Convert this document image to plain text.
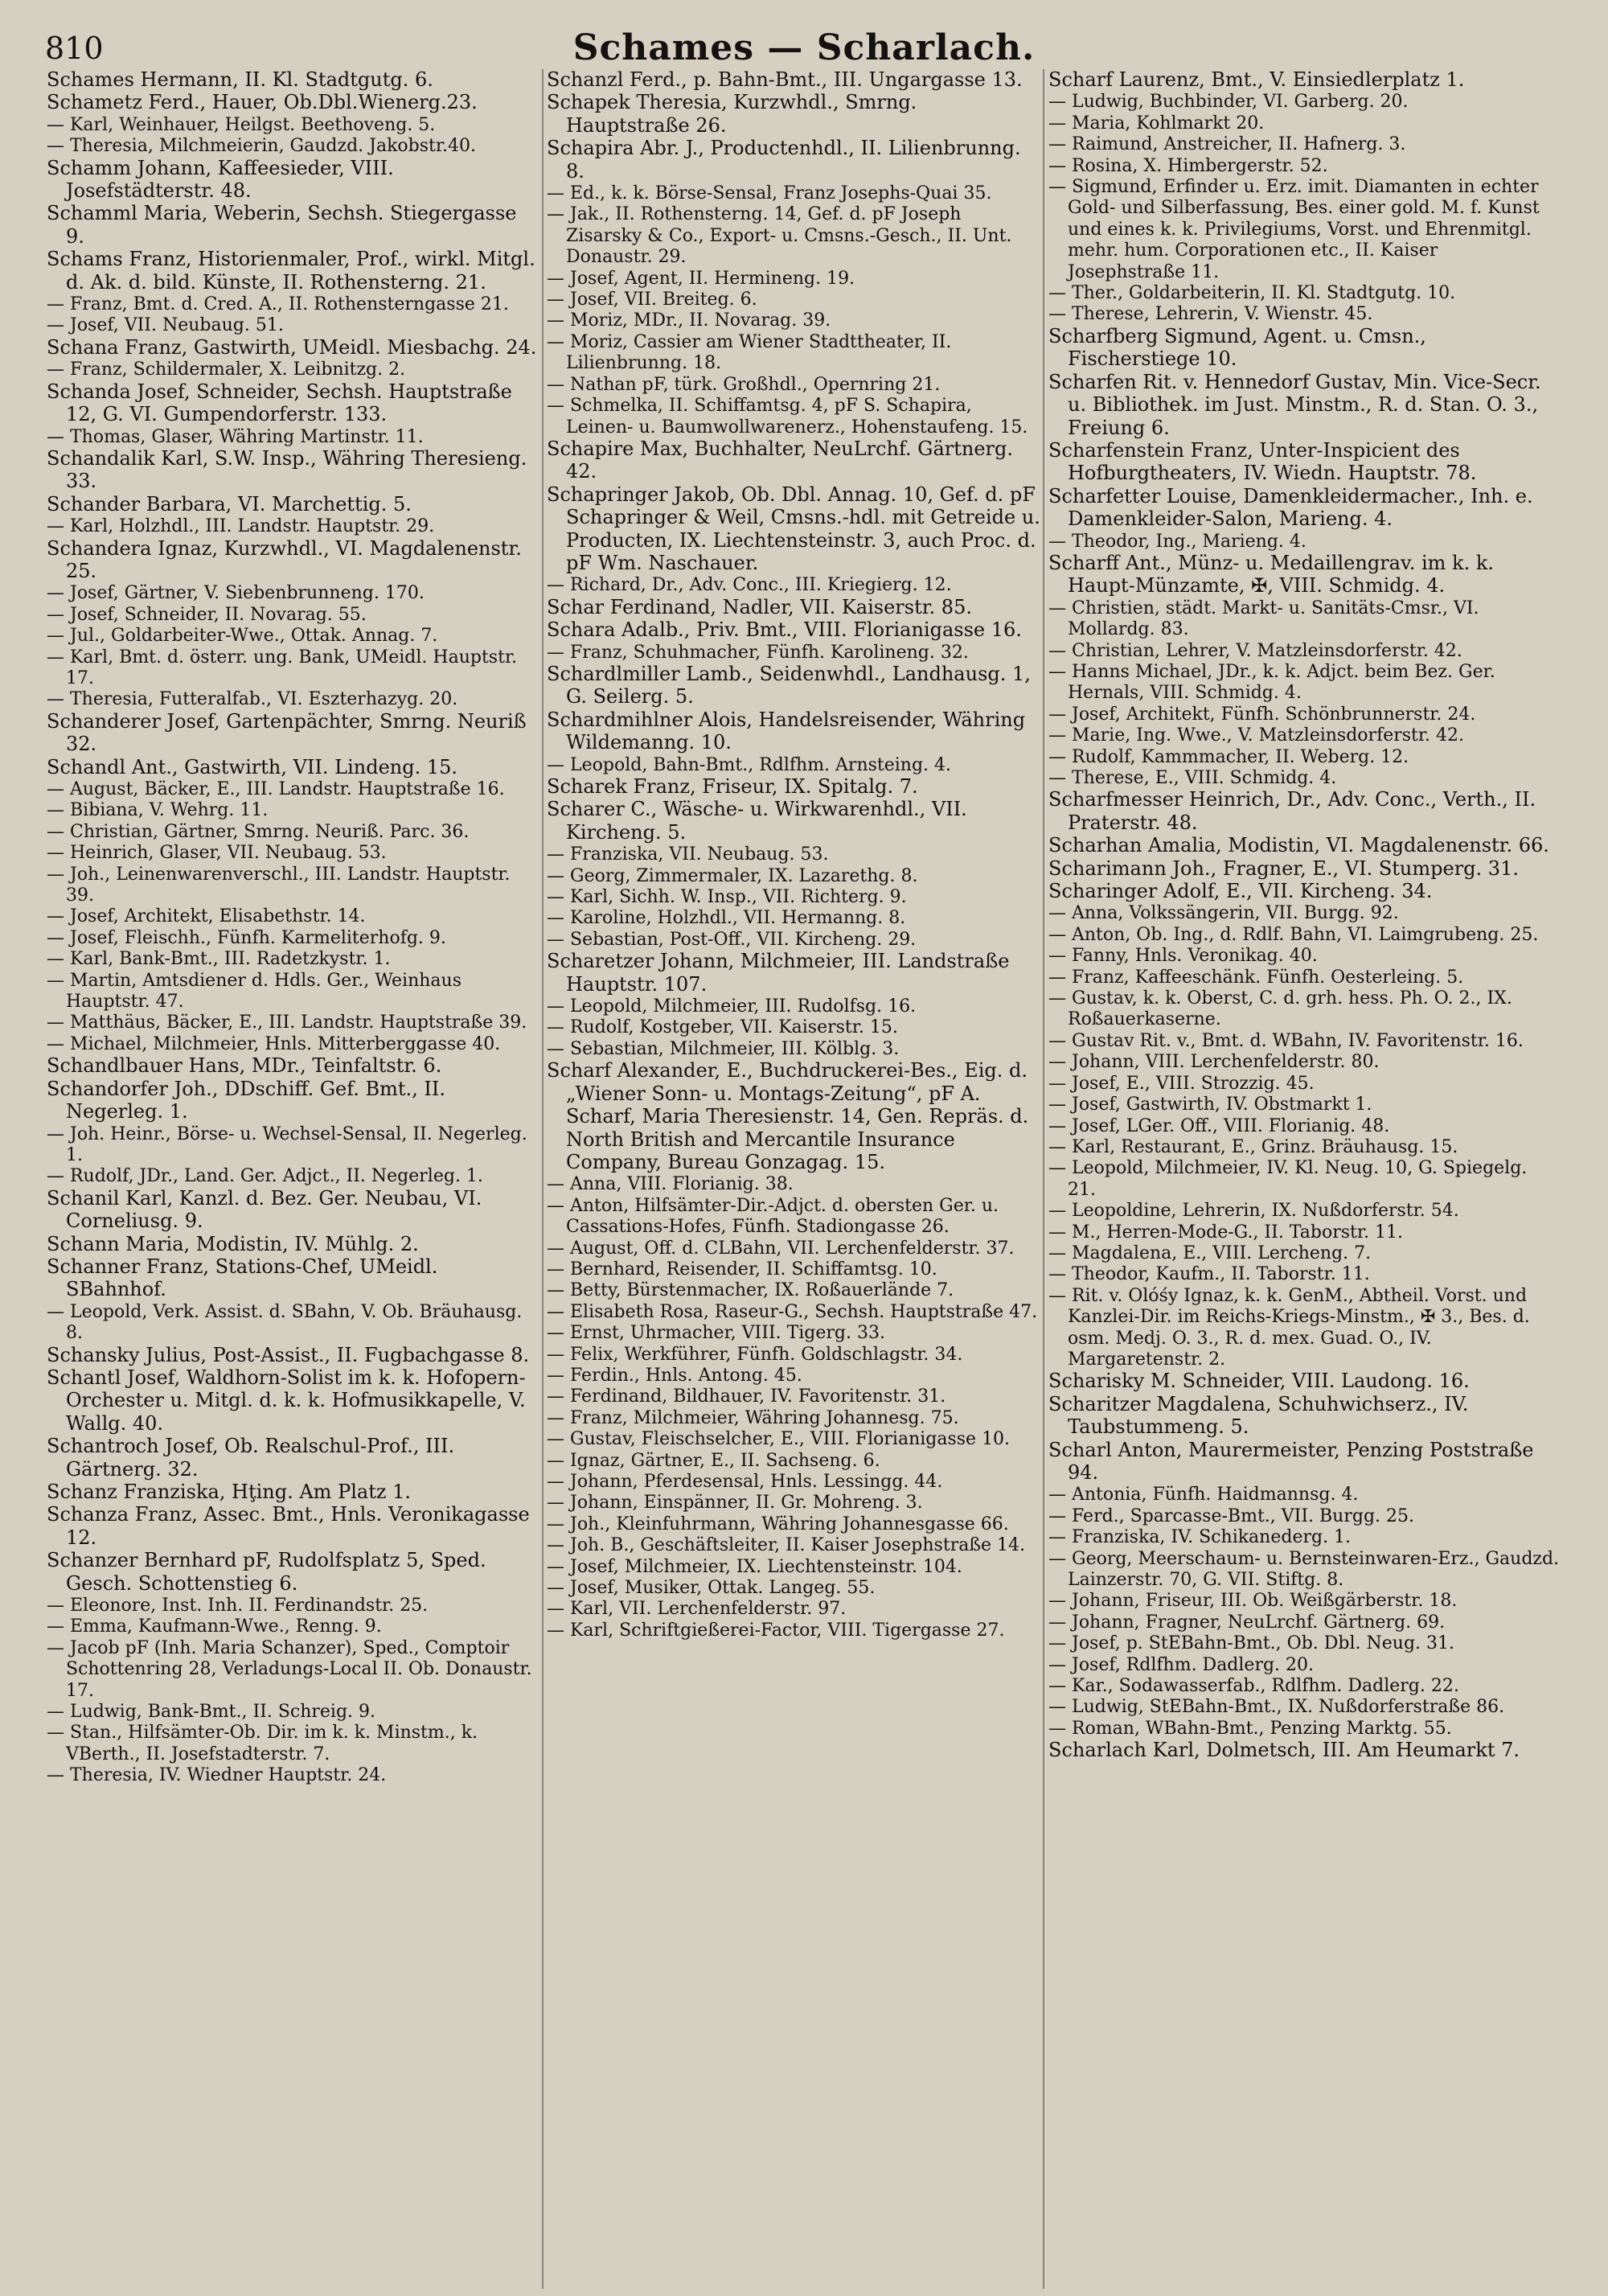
810	Schames — Scharlach.

Schames Hermann, II. Kl. Stadtgutg. 6.

Schametz Ferd., Hauer, Ob.Dbl.Wienerg.23.

— Karl, Weinhauer, Heilgst. Beethoveng. 5.

— Theresia, Milchmeierin, Gaudzd. Jakobstr.40.

Schamm Johann, Kaffeesieder, VIII. Josefstädterstr. 48.

Schamml Maria, Weberin, Sechsh. Stiegergasse 9.

Schams Franz, Historienmaler, Prof., wirkl. Mitgl. d. Ak. d. bild. Künste, II. Rothensterng. 21.

— Franz, Bmt. d. Cred. A., II. Rothensterngasse 21.

— Josef, VII. Neubaug. 51.

Schana Franz, Gastwirth, UMeidl. Miesbachg. 24.

— Franz, Schildermaler, X. Leibnitzg. 2.

Schanda Josef, Schneider, Sechsh. Hauptstraße 12, G. VI. Gumpendorferstr. 133.

— Thomas, Glaser, Währing Martinstr. 11.

Schandalik Karl, S.W. Insp., Währing Theresieng. 33.

Schander Barbara, VI. Marchettig. 5.

— Karl, Holzhdl., III. Landstr. Hauptstr. 29.

Schandera Ignaz, Kurzwhdl., VI. Magdalenenstr. 25.

— Josef, Gärtner, V. Siebenbrunneng. 170.

— Josef, Schneider, II. Novarag. 55.

— Jul., Goldarbeiter-Wwe., Ottak. Annag. 7.

— Karl, Bmt. d. österr. ung. Bank, UMeidl. Hauptstr. 17.

— Theresia, Futteralfab., VI. Eszterhazyg. 20.

Schanderer Josef, Gartenpächter, Smrng. Neuriß 32.

Schandl Ant., Gastwirth, VII. Lindeng. 15.

— August, Bäcker, E., III. Landstr. Hauptstraße 16.

— Bibiana, V. Wehrg. 11.

— Christian, Gärtner, Smrng. Neuriß. Parc. 36.

— Heinrich, Glaser, VII. Neubaug. 53.

— Joh., Leinenwarenverschl., III. Landstr. Hauptstr. 39.

— Josef, Architekt, Elisabethstr. 14.

— Josef, Fleischh., Fünfh. Karmeliterhofg. 9.

— Karl, Bank-Bmt., III. Radetzkystr. 1.

— Martin, Amtsdiener d. Hdls. Ger., Weinhaus Hauptstr. 47.

— Matthäus, Bäcker, E., III. Landstr. Hauptstraße 39.

— Michael, Milchmeier, Hnls. Mitterberggasse 40.

Schandlbauer Hans, MDr., Teinfaltstr. 6.

Schandorfer Joh., DDschiff. Gef. Bmt., II. Negerleg. 1.

— Joh. Heinr., Börse- u. Wechsel-Sensal, II. Negerleg. 1.

— Rudolf, JDr., Land. Ger. Adjct., II. Negerleg. 1.

Schanil Karl, Kanzl. d. Bez. Ger. Neubau, VI. Corneliusg. 9.

Schann Maria, Modistin, IV. Mühlg. 2.

Schanner Franz, Stations-Chef, UMeidl. SBahnhof.

— Leopold, Verk. Assist. d. SBahn, V. Ob. Bräuhausg. 8.

Schansky Julius, Post-Assist., II. Fugbachgasse 8.

Schantl Josef, Waldhorn-Solist im k. k. Hofopern-Orchester u. Mitgl. d. k. k. Hofmusikkapelle, V. Wallg. 40.

Schantroch Josef, Ob. Realschul-Prof., III. Gärtnerg. 32.

Schanz Franziska, Hţing. Am Platz 1.

Schanza Franz, Assec. Bmt., Hnls. Veronikagasse 12.

Schanzer Bernhard pF, Rudolfsplatz 5, Sped. Gesch. Schottenstieg 6.

— Eleonore, Inst. Inh. II. Ferdinandstr. 25.

— Emma, Kaufmann-Wwe., Renng. 9.

— Jacob pF (Inh. Maria Schanzer), Sped., Comptoir Schottenring 28, Verladungs-Local II. Ob. Donaustr. 17.

— Ludwig, Bank-Bmt., II. Schreig. 9.

— Stan., Hilfsämter-Ob. Dir. im k. k. Minstm., k. VBerth., II. Josefstadterstr. 7.

— Theresia, IV. Wiedner Hauptstr. 24.

Schanzl Ferd., p. Bahn-Bmt., III. Ungargasse 13.

Schapek Theresia, Kurzwhdl., Smrng. Hauptstraße 26.

Schapira Abr. J., Productenhdl., II. Lilienbrunng. 8.

— Ed., k. k. Börse-Sensal, Franz Josephs-Quai 35.

— Jak., II. Rothensterng. 14, Gef. d. pF Joseph Zisarsky & Co., Export- u. Cmsns.-Gesch., II. Unt. Donaustr. 29.

— Josef, Agent, II. Hermineng. 19.

— Josef, VII. Breiteg. 6.

— Moriz, MDr., II. Novarag. 39.

— Moriz, Cassier am Wiener Stadttheater, II. Lilienbrunng. 18.

— Nathan pF, türk. Großhdl., Opernring 21.

— Schmelka, II. Schiffamtsg. 4, pF S. Schapira, Leinen- u. Baumwollwarenerz., Hohenstaufeng. 15.

Schapire Max, Buchhalter, NeuLrchf. Gärtnerg. 42.

Schapringer Jakob, Ob. Dbl. Annag. 10, Gef. d. pF Schapringer & Weil, Cmsns.-hdl. mit Getreide u. Producten, IX. Liechtensteinstr. 3, auch Proc. d. pF Wm. Naschauer.

— Richard, Dr., Adv. Conc., III. Kriegierg. 12.

Schar Ferdinand, Nadler, VII. Kaiserstr. 85.

Schara Adalb., Priv. Bmt., VIII. Florianigasse 16.

— Franz, Schuhmacher, Fünfh. Karolineng. 32.

Schardlmiller Lamb., Seidenwhdl., Landhausg. 1, G. Seilerg. 5.

Schardmihlner Alois, Handelsreisender, Währing Wildemanng. 10.

— Leopold, Bahn-Bmt., Rdlfhm. Arnsteing. 4.

Scharek Franz, Friseur, IX. Spitalg. 7.

Scharer C., Wäsche- u. Wirkwarenhdl., VII. Kircheng. 5.

— Franziska, VII. Neubaug. 53.

— Georg, Zimmermaler, IX. Lazarethg. 8.

— Karl, Sichh. W. Insp., VII. Richterg. 9.

— Karoline, Holzhdl., VII. Hermanng. 8.

— Sebastian, Post-Off., VII. Kircheng. 29.

Scharetzer Johann, Milchmeier, III. Landstraße Hauptstr. 107.

— Leopold, Milchmeier, III. Rudolfsg. 16.

— Rudolf, Kostgeber, VII. Kaiserstr. 15.

— Sebastian, Milchmeier, III. Kölblg. 3.

Scharf Alexander, E., Buchdruckerei-Bes., Eig. d. „Wiener Sonn- u. Montags-Zeitung“, pF A. Scharf, Maria Theresienstr. 14, Gen. Repräs. d. North British and Mercantile Insurance Company, Bureau Gonzagag. 15.

— Anna, VIII. Florianig. 38.

— Anton, Hilfsämter-Dir.-Adjct. d. obersten Ger. u. Cassations-Hofes, Fünfh. Stadiongasse 26.

— August, Off. d. CLBahn, VII. Lerchenfelderstr. 37.

— Bernhard, Reisender, II. Schiffamtsg. 10.

— Betty, Bürstenmacher, IX. Roßauerlände 7.

— Elisabeth Rosa, Raseur-G., Sechsh. Hauptstraße 47.

— Ernst, Uhrmacher, VIII. Tigerg. 33.

— Felix, Werkführer, Fünfh. Goldschlagstr. 34.

— Ferdin., Hnls. Antong. 45.

— Ferdinand, Bildhauer, IV. Favoritenstr. 31.

— Franz, Milchmeier, Währing Johannesg. 75.

— Gustav, Fleischselcher, E., VIII. Florianigasse 10.

— Ignaz, Gärtner, E., II. Sachseng. 6.

— Johann, Pferdesensal, Hnls. Lessingg. 44.

— Johann, Einspänner, II. Gr. Mohreng. 3.

— Joh., Kleinfuhrmann, Währing Johannesgasse 66.

— Joh. B., Geschäftsleiter, II. Kaiser Josephstraße 14.

— Josef, Milchmeier, IX. Liechtensteinstr. 104.

— Josef, Musiker, Ottak. Langeg. 55.

— Karl, VII. Lerchenfelderstr. 97.

— Karl, Schriftgießerei-Factor, VIII. Tigergasse 27.

Scharf Laurenz, Bmt., V. Einsiedlerplatz 1.

— Ludwig, Buchbinder, VI. Garberg. 20.

— Maria, Kohlmarkt 20.

— Raimund, Anstreicher, II. Hafnerg. 3.

— Rosina, X. Himbergerstr. 52.

— Sigmund, Erfinder u. Erz. imit. Diamanten in echter Gold- und Silberfassung, Bes. einer gold. M. f. Kunst und eines k. k. Privilegiums, Vorst. und Ehrenmitgl. mehr. hum. Corporationen etc., II. Kaiser Josephstraße 11.

— Ther., Goldarbeiterin, II. Kl. Stadtgutg. 10.

— Therese, Lehrerin, V. Wienstr. 45.

Scharfberg Sigmund, Agent. u. Cmsn., Fischerstiege 10.

Scharfen Rit. v. Hennedorf Gustav, Min. Vice-Secr. u. Bibliothek. im Just. Minstm., R. d. Stan. O. 3., Freiung 6.

Scharfenstein Franz, Unter-Inspicient des Hofburgtheaters, IV. Wiedn. Hauptstr. 78.

Scharfetter Louise, Damenkleidermacher., Inh. e. Damenkleider-Salon, Marieng. 4.

— Theodor, Ing., Marieng. 4.

Scharff Ant., Münz- u. Medaillengrav. im k. k. Haupt-Münzamte, ✠, VIII. Schmidg. 4.

— Christien, städt. Markt- u. Sanitäts-Cmsr., VI. Mollardg. 83.

— Christian, Lehrer, V. Matzleinsdorferstr. 42.

— Hanns Michael, JDr., k. k. Adjct. beim Bez. Ger. Hernals, VIII. Schmidg. 4.

— Josef, Architekt, Fünfh. Schönbrunnerstr. 24.

— Marie, Ing. Wwe., V. Matzleinsdorferstr. 42.

— Rudolf, Kammmacher, II. Weberg. 12.

— Therese, E., VIII. Schmidg. 4.

Scharfmesser Heinrich, Dr., Adv. Conc., Verth., II. Praterstr. 48.

Scharhan Amalia, Modistin, VI. Magdalenenstr. 66.

Scharimann Joh., Fragner, E., VI. Stumperg. 31.

Scharinger Adolf, E., VII. Kircheng. 34.

— Anna, Volkssängerin, VII. Burgg. 92.

— Anton, Ob. Ing., d. Rdlf. Bahn, VI. Laimgrubeng. 25.

— Fanny, Hnls. Veronikag. 40.

— Franz, Kaffeeschänk. Fünfh. Oesterleing. 5.

— Gustav, k. k. Oberst, C. d. grh. hess. Ph. O. 2., IX. Roßauerkaserne.

— Gustav Rit. v., Bmt. d. WBahn, IV. Favoritenstr. 16.

— Johann, VIII. Lerchenfelderstr. 80.

— Josef, E., VIII. Strozzig. 45.

— Josef, Gastwirth, IV. Obstmarkt 1.

— Josef, LGer. Off., VIII. Florianig. 48.

— Karl, Restaurant, E., Grinz. Bräuhausg. 15.

— Leopold, Milchmeier, IV. Kl. Neug. 10, G. Spiegelg. 21.

— Leopoldine, Lehrerin, IX. Nußdorferstr. 54.

— M., Herren-Mode-G., II. Taborstr. 11.

— Magdalena, E., VIII. Lercheng. 7.

— Theodor, Kaufm., II. Taborstr. 11.

— Rit. v. Olóśy Ignaz, k. k. GenM., Abtheil. Vorst. und Kanzlei-Dir. im Reichs-Kriegs-Minstm., ✠ 3., Bes. d. osm. Medj. O. 3., R. d. mex. Guad. O., IV. Margaretenstr. 2.

Scharisky M. Schneider, VIII. Laudong. 16.

Scharitzer Magdalena, Schuhwichserz., IV. Taubstummeng. 5.

Scharl Anton, Maurermeister, Penzing Poststraße 94.

— Antonia, Fünfh. Haidmannsg. 4.

— Ferd., Sparcasse-Bmt., VII. Burgg. 25.

— Franziska, IV. Schikanederg. 1.

— Georg, Meerschaum- u. Bernsteinwaren-Erz., Gaudzd. Lainzerstr. 70, G. VII. Stiftg. 8.

— Johann, Friseur, III. Ob. Weißgärberstr. 18.

— Johann, Fragner, NeuLrchf. Gärtnerg. 69.

— Josef, p. StEBahn-Bmt., Ob. Dbl. Neug. 31.

— Josef, Rdlfhm. Dadlerg. 20.

— Kar., Sodawasserfab., Rdlfhm. Dadlerg. 22.

— Ludwig, StEBahn-Bmt., IX. Nußdorferstraße 86.

— Roman, WBahn-Bmt., Penzing Marktg. 55.

Scharlach Karl, Dolmetsch, III. Am Heumarkt 7.
